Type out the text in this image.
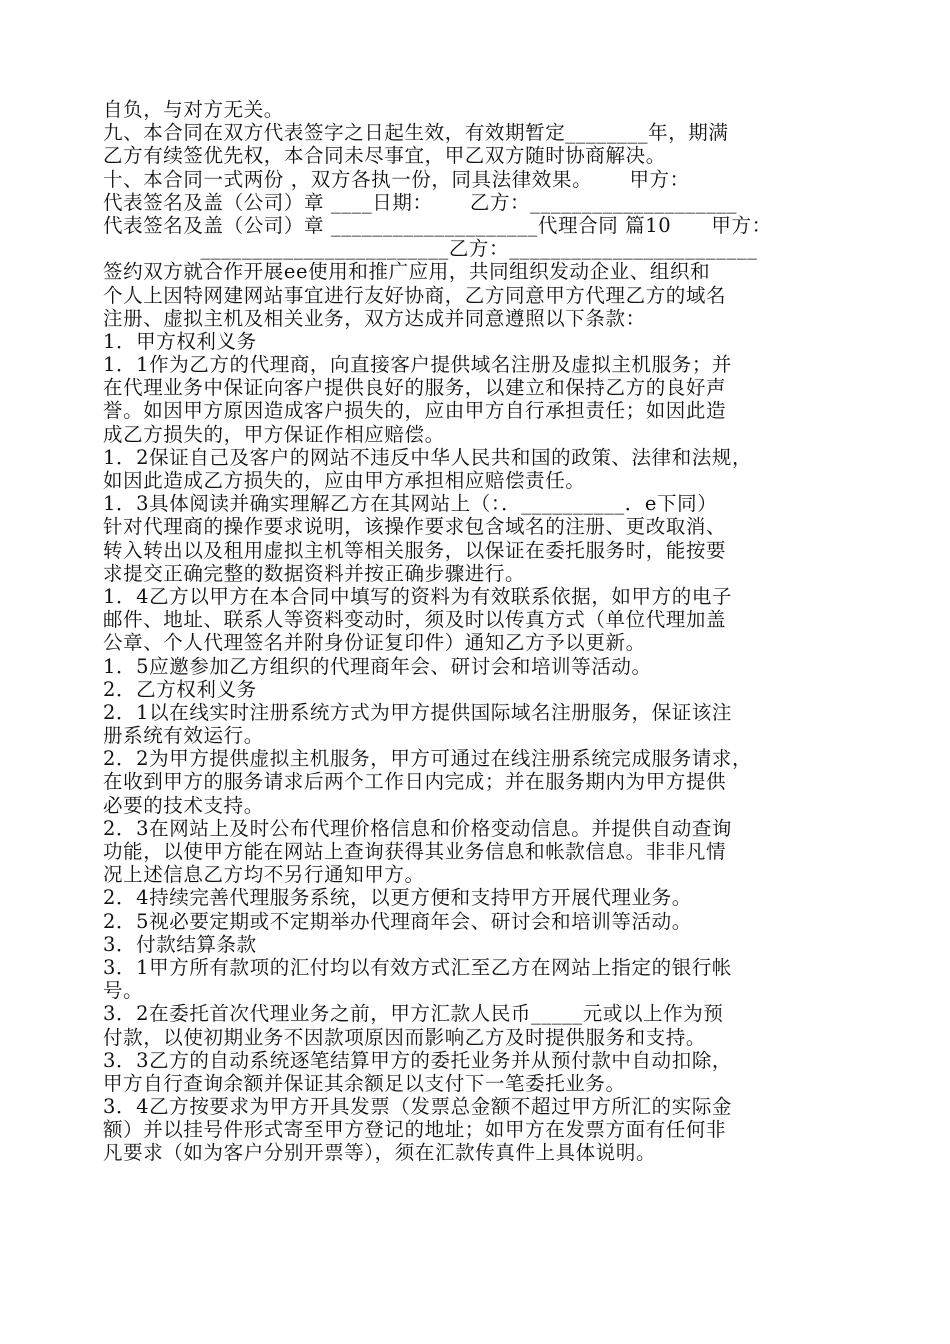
自负，与对方无关。
九、本合同在双方代表签字之日起生效，有效期暂定________年，期满
乙方有续签优先权，本合同未尽事宜，甲乙双方随时协商解决。
十、本合同一式两份 ，双方各执一份，同具法律效果。　　 甲方：
代表签名及盖（公司）章 ____日期：　　 乙方：____________________
代表签名及盖（公司）章 ____________________代理合同 篇10　　甲方：
________________________乙方：________________________
签约双方就合作开展ee使用和推广应用，共同组织发动企业、组织和
个人上因特网建网站事宜进行友好协商，乙方同意甲方代理乙方的域名
注册、虚拟主机及相关业务，双方达成并同意遵照以下条款：
1．甲方权利义务
1．1作为乙方的代理商，向直接客户提供域名注册及虚拟主机服务；并
在代理业务中保证向客户提供良好的服务，以建立和保持乙方的良好声
誉。如因甲方原因造成客户损失的，应由甲方自行承担责任；如因此造
成乙方损失的，甲方保证作相应赔偿。
1．2保证自己及客户的网站不违反中华人民共和国的政策、法律和法规，
如因此造成乙方损失的，应由甲方承担相应赔偿责任。
1．3具体阅读并确实理解乙方在其网站上（：．__________．e下同）
针对代理商的操作要求说明，该操作要求包含域名的注册、更改取消、
转入转出以及租用虚拟主机等相关服务，以保证在委托服务时，能按要
求提交正确完整的数据资料并按正确步骤进行。
1．4乙方以甲方在本合同中填写的资料为有效联系依据，如甲方的电子
邮件、地址、联系人等资料变动时，须及时以传真方式（单位代理加盖
公章、个人代理签名并附身份证复印件）通知乙方予以更新。
1．5应邀参加乙方组织的代理商年会、研讨会和培训等活动。
2．乙方权利义务
2．1以在线实时注册系统方式为甲方提供国际域名注册服务，保证该注
册系统有效运行。
2．2为甲方提供虚拟主机服务，甲方可通过在线注册系统完成服务请求，
在收到甲方的服务请求后两个工作日内完成；并在服务期内为甲方提供
必要的技术支持。
2．3在网站上及时公布代理价格信息和价格变动信息。并提供自动查询
功能，以使甲方能在网站上查询获得其业务信息和帐款信息。非非凡情
况上述信息乙方均不另行通知甲方。
2．4持续完善代理服务系统，以更方便和支持甲方开展代理业务。
2．5视必要定期或不定期举办代理商年会、研讨会和培训等活动。
3．付款结算条款
3．1甲方所有款项的汇付均以有效方式汇至乙方在网站上指定的银行帐
号。
3．2在委托首次代理业务之前，甲方汇款人民币_____元或以上作为预
付款，以使初期业务不因款项原因而影响乙方及时提供服务和支持。
3．3乙方的自动系统逐笔结算甲方的委托业务并从预付款中自动扣除，
甲方自行查询余额并保证其余额足以支付下一笔委托业务。
3．4乙方按要求为甲方开具发票（发票总金额不超过甲方所汇的实际金
额）并以挂号件形式寄至甲方登记的地址；如甲方在发票方面有任何非
凡要求（如为客户分别开票等），须在汇款传真件上具体说明。
